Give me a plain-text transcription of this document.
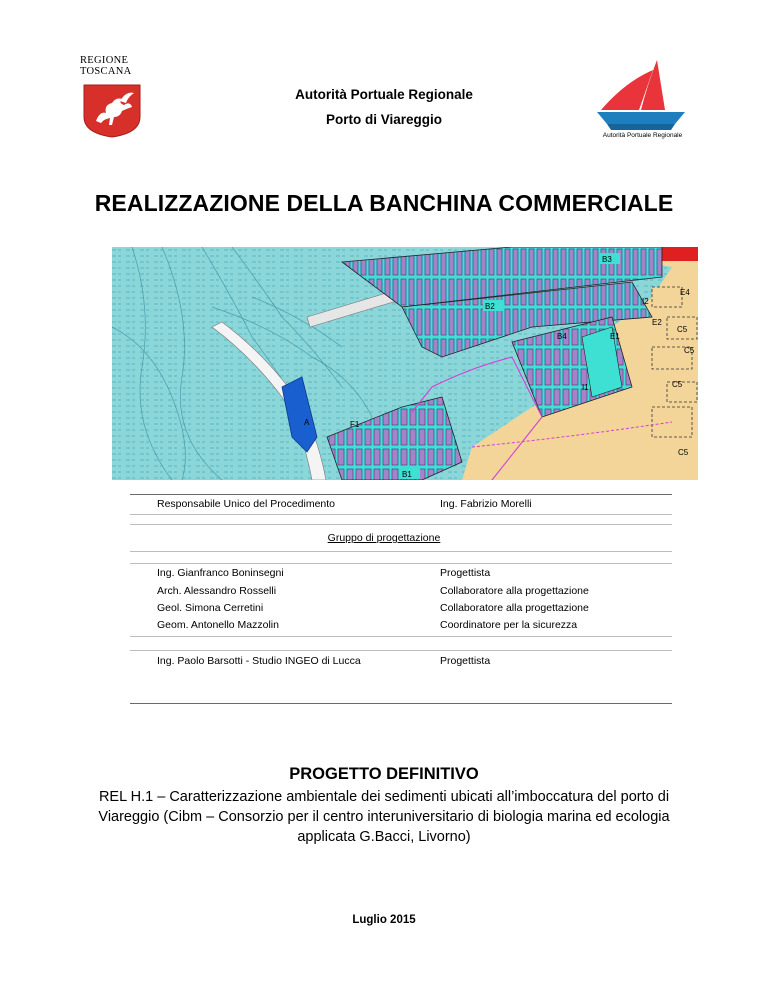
REGIONE
TOSCANA
Autorità Portuale Regionale
Porto di Viareggio
Autorità Portuale Regionale
REALIZZAZIONE DELLA BANCHINA COMMERCIALE
B3
E4
B2
I2
E2
C5
B4	E1
C5
I1	C5
A	F1
C5
B1
Responsabile Unico del Procedimento	Ing. Fabrizio Morelli
Gruppo di progettazione
Ing. Gianfranco Boninsegni	Progettista
Arch. Alessandro Rosselli	Collaboratore alla progettazione
Geol. Simona Cerretini	Collaboratore alla progettazione
Geom. Antonello Mazzolin	Coordinatore per la sicurezza
Ing. Paolo Barsotti - Studio INGEO di Lucca	Progettista
PROGETTO DEFINITIVO
REL H.1 – Caratterizzazione ambientale dei sedimenti ubicati all’imboccatura del porto di Viareggio (Cibm – Consorzio per il centro interuniversitario di biologia marina ed ecologia applicata G.Bacci, Livorno)
Luglio 2015
